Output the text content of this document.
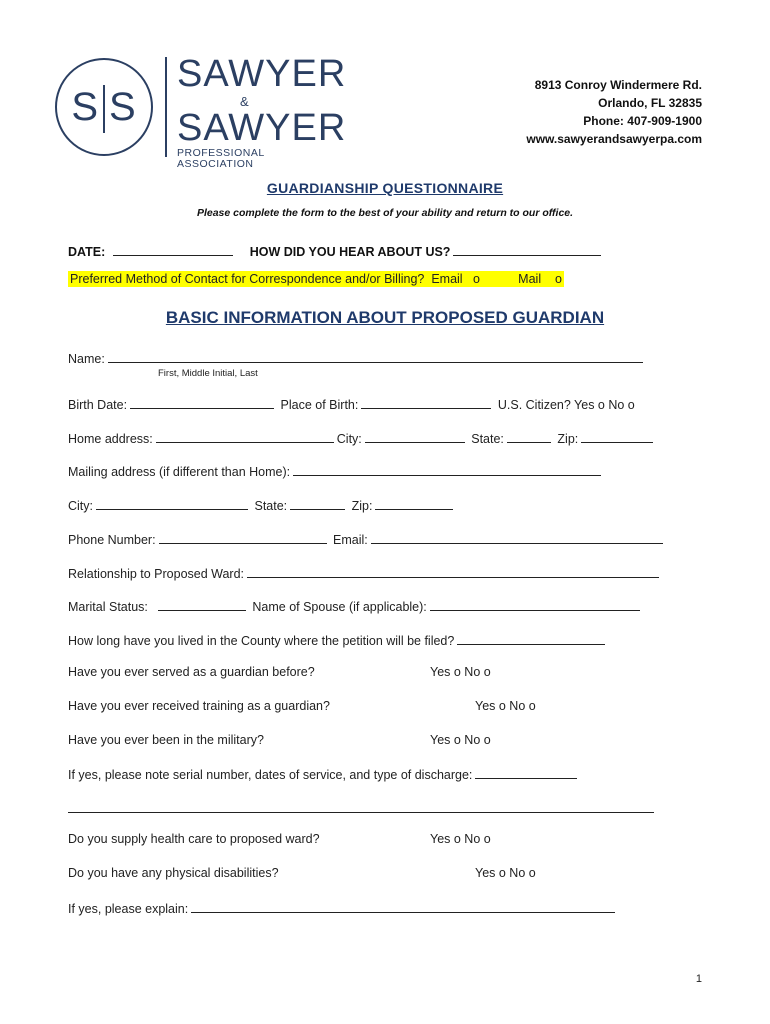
S S
SAWYER
&
SAWYER
PROFESSIONAL ASSOCIATION
8913 Conroy Windermere Rd.
Orlando, FL 32835
Phone: 407-909-1900
www.sawyerandsawyerpa.com
GUARDIANSHIP QUESTIONNAIRE
Please complete the form to the best of your ability and return to our office.
DATE:	HOW DID YOU HEAR ABOUT US?
Preferred Method of Contact for Correspondence and/or Billing? Email o	Mail o
BASIC INFORMATION ABOUT PROPOSED GUARDIAN
Name:
First, Middle Initial, Last
Birth Date:	Place of Birth:	U.S. Citizen? Yes o No o
Home address:	City:	State:	Zip:
Mailing address (if different than Home):
City:	State:	Zip:
Phone Number:	Email:
Relationship to Proposed Ward:
Marital Status:	Name of Spouse (if applicable):
How long have you lived in the County where the petition will be filed?
Have you ever served as a guardian before?	Yes o No o
Have you ever received training as a guardian?	Yes o No o
Have you ever been in the military?	Yes o No o
If yes, please note serial number, dates of service, and type of discharge:
Do you supply health care to proposed ward?	Yes o No o
Do you have any physical disabilities?	Yes o No o
If yes, please explain:
1
